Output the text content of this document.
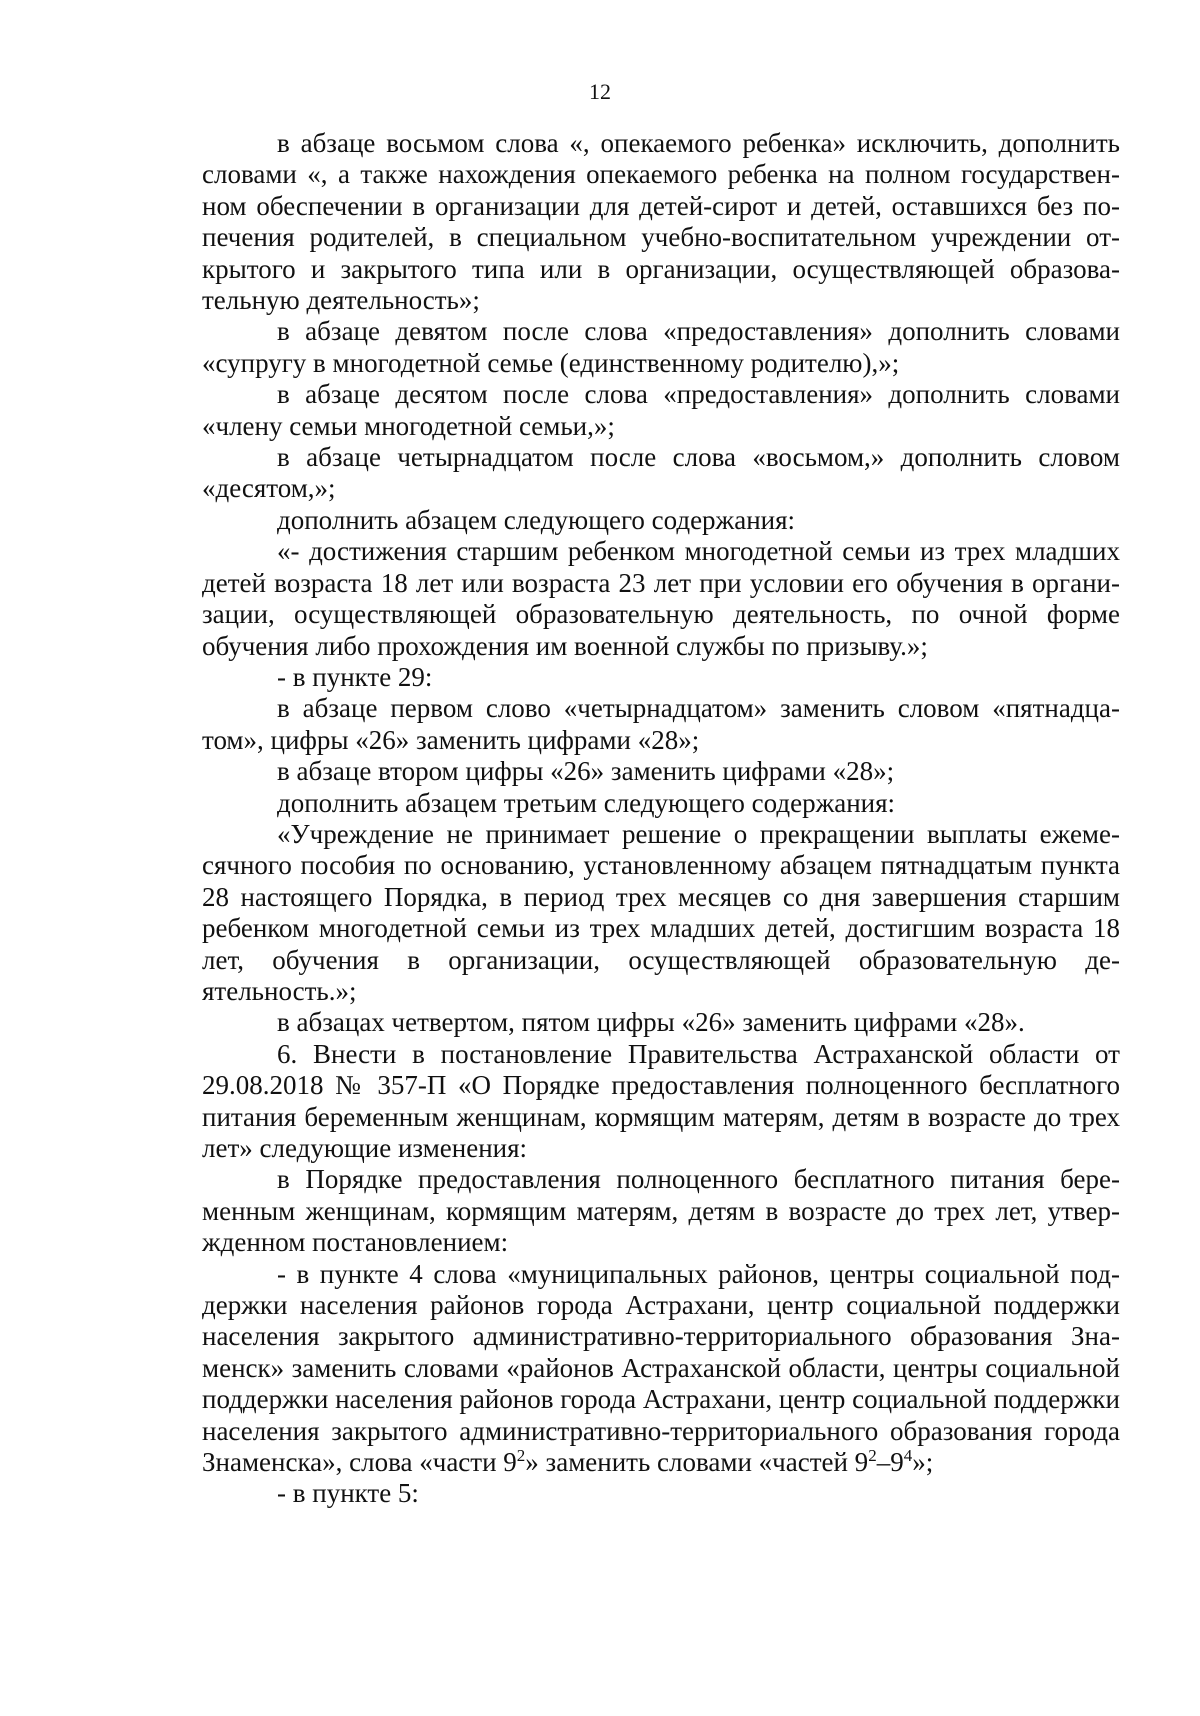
12

в абзаце восьмом слова «, опекаемого ребенка» исключить, дополнить словами «, а также нахождения опекаемого ребенка на полном государственном обеспечении в организации для детей-сирот и детей, оставшихся без попечения родителей, в специальном учебно-воспитательном учреждении открытого и закрытого типа или в организации, осуществляющей образовательную деятельность»;

в абзаце девятом после слова «предоставления» дополнить словами «супругу в многодетной семье (единственному родителю),»;

в абзаце десятом после слова «предоставления» дополнить словами «члену семьи многодетной семьи,»;

в абзаце четырнадцатом после слова «восьмом,» дополнить словом «десятом,»;

дополнить абзацем следующего содержания:

«- достижения старшим ребенком многодетной семьи из трех младших детей возраста 18 лет или возраста 23 лет при условии его обучения в организации, осуществляющей образовательную деятельность, по очной форме обучения либо прохождения им военной службы по призыву.»;

- в пункте 29:

в абзаце первом слово «четырнадцатом» заменить словом «пятнадцатом», цифры «26» заменить цифрами «28»;

в абзаце втором цифры «26» заменить цифрами «28»;

дополнить абзацем третьим следующего содержания:

«Учреждение не принимает решение о прекращении выплаты ежемесячного пособия по основанию, установленному абзацем пятнадцатым пункта 28 настоящего Порядка, в период трех месяцев со дня завершения старшим ребенком многодетной семьи из трех младших детей, достигшим возраста 18 лет, обучения в организации, осуществляющей образовательную деятельность.»;

в абзацах четвертом, пятом цифры «26» заменить цифрами «28».

6. Внести в постановление Правительства Астраханской области от 29.08.2018 № 357-П «О Порядке предоставления полноценного бесплатного питания беременным женщинам, кормящим матерям, детям в возрасте до трех лет» следующие изменения:

в Порядке предоставления полноценного бесплатного питания беременным женщинам, кормящим матерям, детям в возрасте до трех лет, утвержденном постановлением:

- в пункте 4 слова «муниципальных районов, центры социальной поддержки населения районов города Астрахани, центр социальной поддержки населения закрытого административно-территориального образования Знаменск» заменить словами «районов Астраханской области, центры социальной поддержки населения районов города Астрахани, центр социальной поддержки населения закрытого административно-территориального образования города Знаменска», слова «части $9^2$» заменить словами «частей $9^2-9^4$»;

- в пункте 5:
